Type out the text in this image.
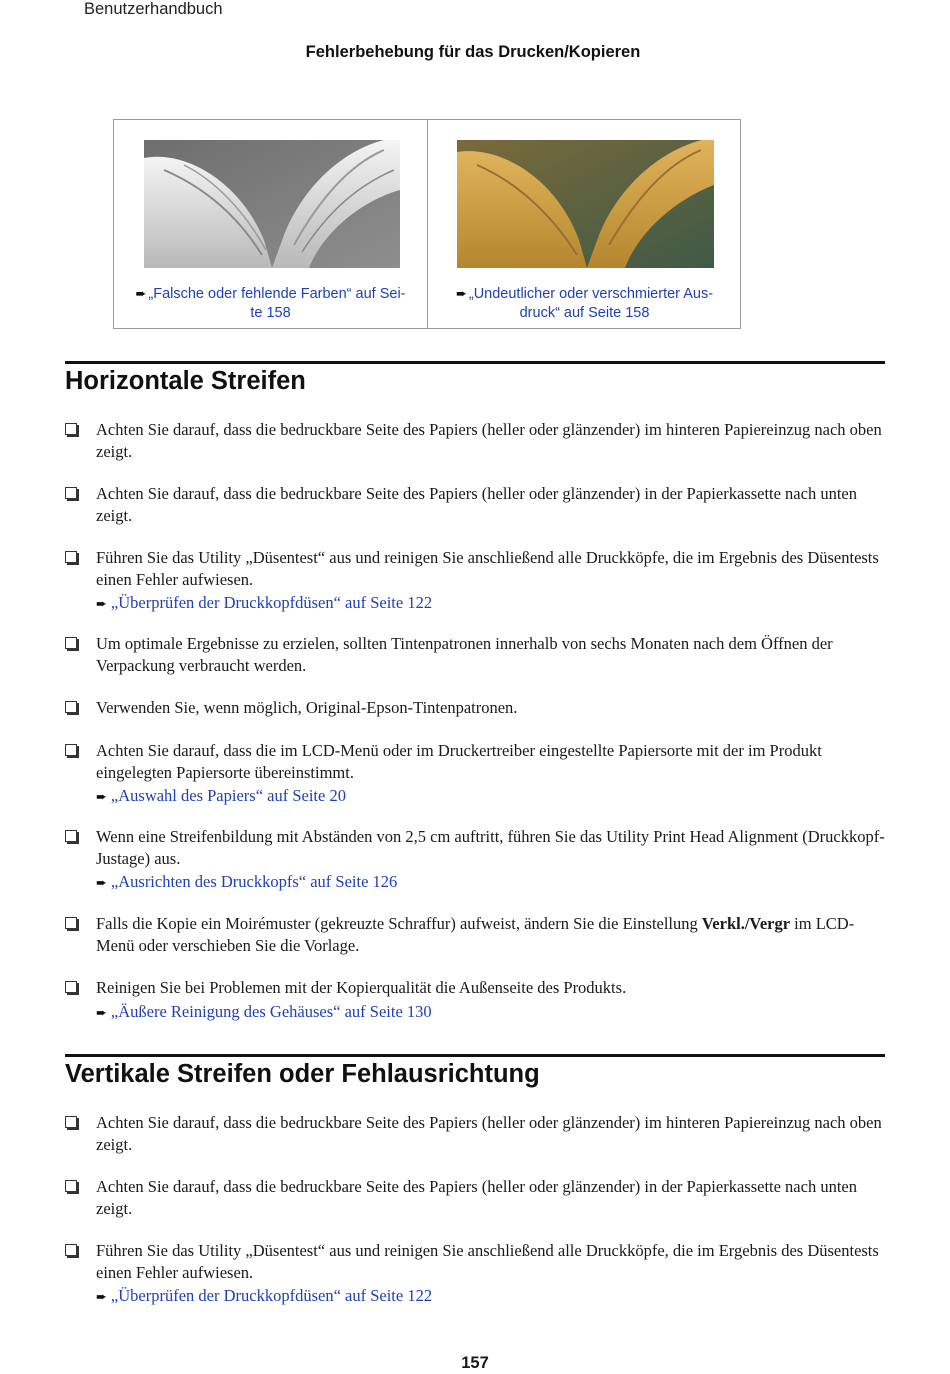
Benutzerhandbuch
Fehlerbehebung für das Drucken/Kopieren
➨ „Falsche oder fehlende Farben“ auf Sei-te 158
➨ „Undeutlicher oder verschmierter Aus-druck“ auf Seite 158
Horizontale Streifen
Achten Sie darauf, dass die bedruckbare Seite des Papiers (heller oder glänzender) im hinteren Papiereinzug nach oben zeigt.
Achten Sie darauf, dass die bedruckbare Seite des Papiers (heller oder glänzender) in der Papierkassette nach unten zeigt.
Führen Sie das Utility „Düsentest“ aus und reinigen Sie anschließend alle Druckköpfe, die im Ergebnis des Düsentests einen Fehler aufwiesen.
➨ „Überprüfen der Druckkopfdüsen“ auf Seite 122
Um optimale Ergebnisse zu erzielen, sollten Tintenpatronen innerhalb von sechs Monaten nach dem Öffnen der Verpackung verbraucht werden.
Verwenden Sie, wenn möglich, Original-Epson-Tintenpatronen.
Achten Sie darauf, dass die im LCD-Menü oder im Druckertreiber eingestellte Papiersorte mit der im Produkt eingelegten Papiersorte übereinstimmt.
➨ „Auswahl des Papiers“ auf Seite 20
Wenn eine Streifenbildung mit Abständen von 2,5 cm auftritt, führen Sie das Utility Print Head Alignment (Druckkopf-Justage) aus.
➨ „Ausrichten des Druckkopfs“ auf Seite 126
Falls die Kopie ein Moirémuster (gekreuzte Schraffur) aufweist, ändern Sie die Einstellung Verkl./Vergr im LCD-Menü oder verschieben Sie die Vorlage.
Reinigen Sie bei Problemen mit der Kopierqualität die Außenseite des Produkts.
➨ „Äußere Reinigung des Gehäuses“ auf Seite 130
Vertikale Streifen oder Fehlausrichtung
Achten Sie darauf, dass die bedruckbare Seite des Papiers (heller oder glänzender) im hinteren Papiereinzug nach oben zeigt.
Achten Sie darauf, dass die bedruckbare Seite des Papiers (heller oder glänzender) in der Papierkassette nach unten zeigt.
Führen Sie das Utility „Düsentest“ aus und reinigen Sie anschließend alle Druckköpfe, die im Ergebnis des Düsentests einen Fehler aufwiesen.
➨ „Überprüfen der Druckkopfdüsen“ auf Seite 122
157
